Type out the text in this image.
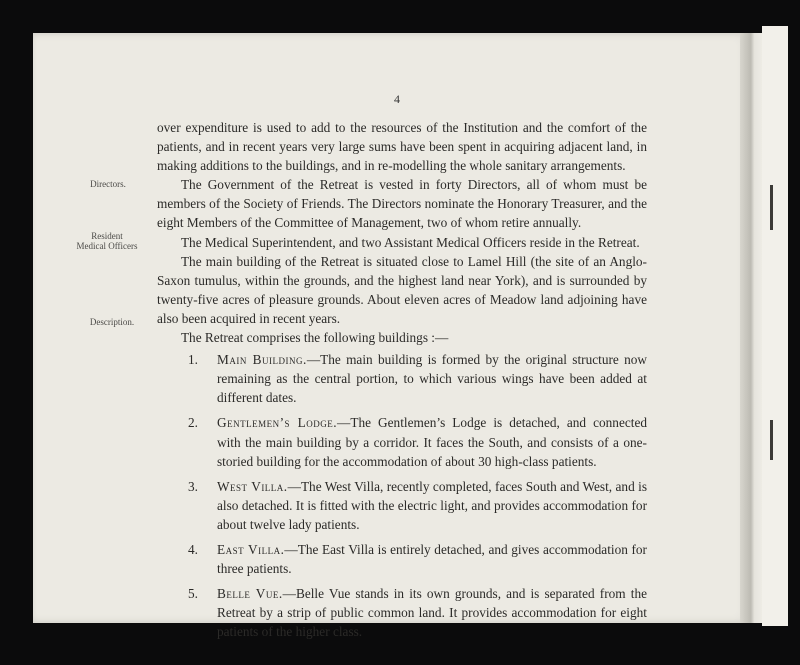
4
Directors.
Resident
Medical Officers
Description.

over expenditure is used to add to the resources of the Institution and the comfort of the patients, and in recent years very large sums have been spent in acquiring adjacent land, in making additions to the buildings, and in re-modelling the whole sanitary arrangements.

The Government of the Retreat is vested in forty Directors, all of whom must be members of the Society of Friends. The Directors nominate the Honorary Treasurer, and the eight Members of the Committee of Management, two of whom retire annually.

The Medical Superintendent, and two Assistant Medical Officers reside in the Retreat.

The main building of the Retreat is situated close to Lamel Hill (the site of an Anglo-Saxon tumulus, within the grounds, and the highest land near York), and is surrounded by twenty-five acres of pleasure grounds. About eleven acres of Meadow land adjoining have also been acquired in recent years.

The Retreat comprises the following buildings :—

1. Main Building.—The main building is formed by the original structure now remaining as the central portion, to which various wings have been added at different dates.
2. Gentlemen’s Lodge.—The Gentlemen’s Lodge is detached, and connected with the main building by a corridor. It faces the South, and consists of a one-storied building for the accommodation of about 30 high-class patients.
3. West Villa.—The West Villa, recently completed, faces South and West, and is also detached. It is fitted with the electric light, and provides accommodation for about twelve lady patients.
4. East Villa.—The East Villa is entirely detached, and gives accommodation for three patients.
5. Belle Vue.—Belle Vue stands in its own grounds, and is separated from the Retreat by a strip of public common land. It provides accommodation for eight patients of the higher class.
